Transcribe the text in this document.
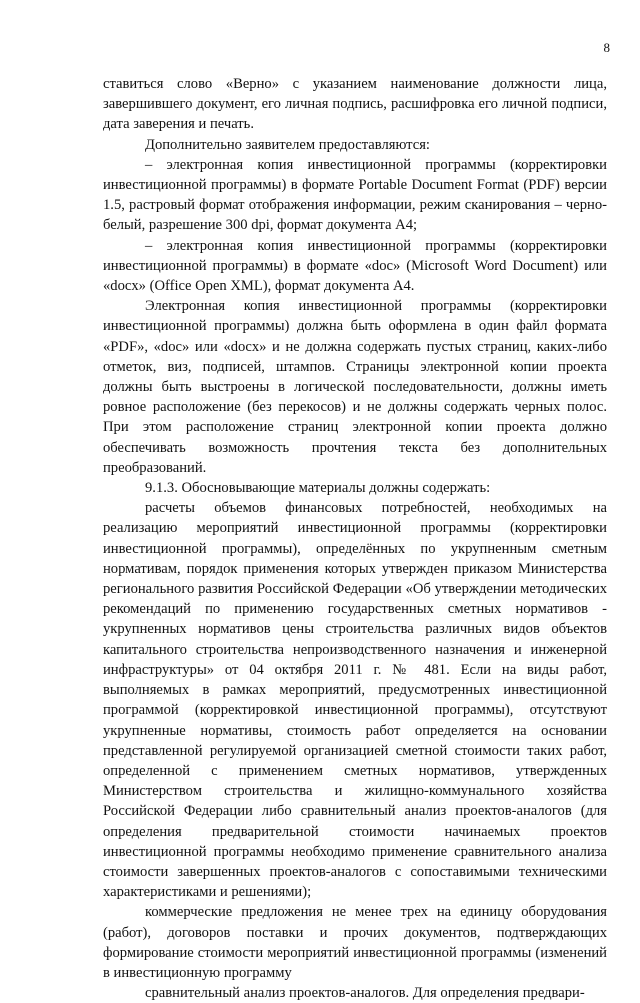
8

ставиться слово «Верно» с указанием наименование должности лица, завершившего документ, его личная подпись, расшифровка его личной подписи, дата заверения и печать.

Дополнительно заявителем предоставляются:

– электронная копия инвестиционной программы (корректировки инвестиционной программы) в формате Portable Document Format (PDF) версии 1.5, растровый формат отображения информации, режим сканирования – черно-белый, разрешение 300 dpi, формат документа А4;

– электронная копия инвестиционной программы (корректировки инвестиционной программы) в формате «doc» (Microsoft Word Document) или «docx» (Office Open XML), формат документа А4.

Электронная копия инвестиционной программы (корректировки инвестиционной программы) должна быть оформлена в один файл формата «PDF», «doc» или «docx» и не должна содержать пустых страниц, каких-либо отметок, виз, подписей, штампов. Страницы электронной копии проекта должны быть выстроены в логической последовательности, должны иметь ровное расположение (без перекосов) и не должны содержать черных полос. При этом расположение страниц электронной копии проекта должно обеспечивать возможность прочтения текста без дополнительных преобразований.

9.1.3. Обосновывающие материалы должны содержать:

расчеты объемов финансовых потребностей, необходимых на реализацию мероприятий инвестиционной программы (корректировки инвестиционной программы), определённых по укрупненным сметным нормативам, порядок применения которых утвержден приказом Министерства регионального развития Российской Федерации «Об утверждении методических рекомендаций по применению государственных сметных нормативов - укрупненных нормативов цены строительства различных видов объектов капитального строительства непроизводственного назначения и инженерной инфраструктуры» от 04 октября 2011 г. № 481. Если на виды работ, выполняемых в рамках мероприятий, предусмотренных инвестиционной программой (корректировкой инвестиционной программы), отсутствуют укрупненные нормативы, стоимость работ определяется на основании представленной регулируемой организацией сметной стоимости таких работ, определенной с применением сметных нормативов, утвержденных Министерством строительства и жилищно-коммунального хозяйства Российской Федерации либо сравнительный анализ проектов-аналогов (для определения предварительной стоимости начинаемых проектов инвестиционной программы необходимо применение сравнительного анализа стоимости завершенных проектов-аналогов с сопоставимыми техническими характеристиками и решениями);

коммерческие предложения не менее трех на единицу оборудования (работ), договоров поставки и прочих документов, подтверждающих формирование стоимости мероприятий инвестиционной программы (изменений в инвестиционную программу

сравнительный анализ проектов-аналогов. Для определения предвари-
